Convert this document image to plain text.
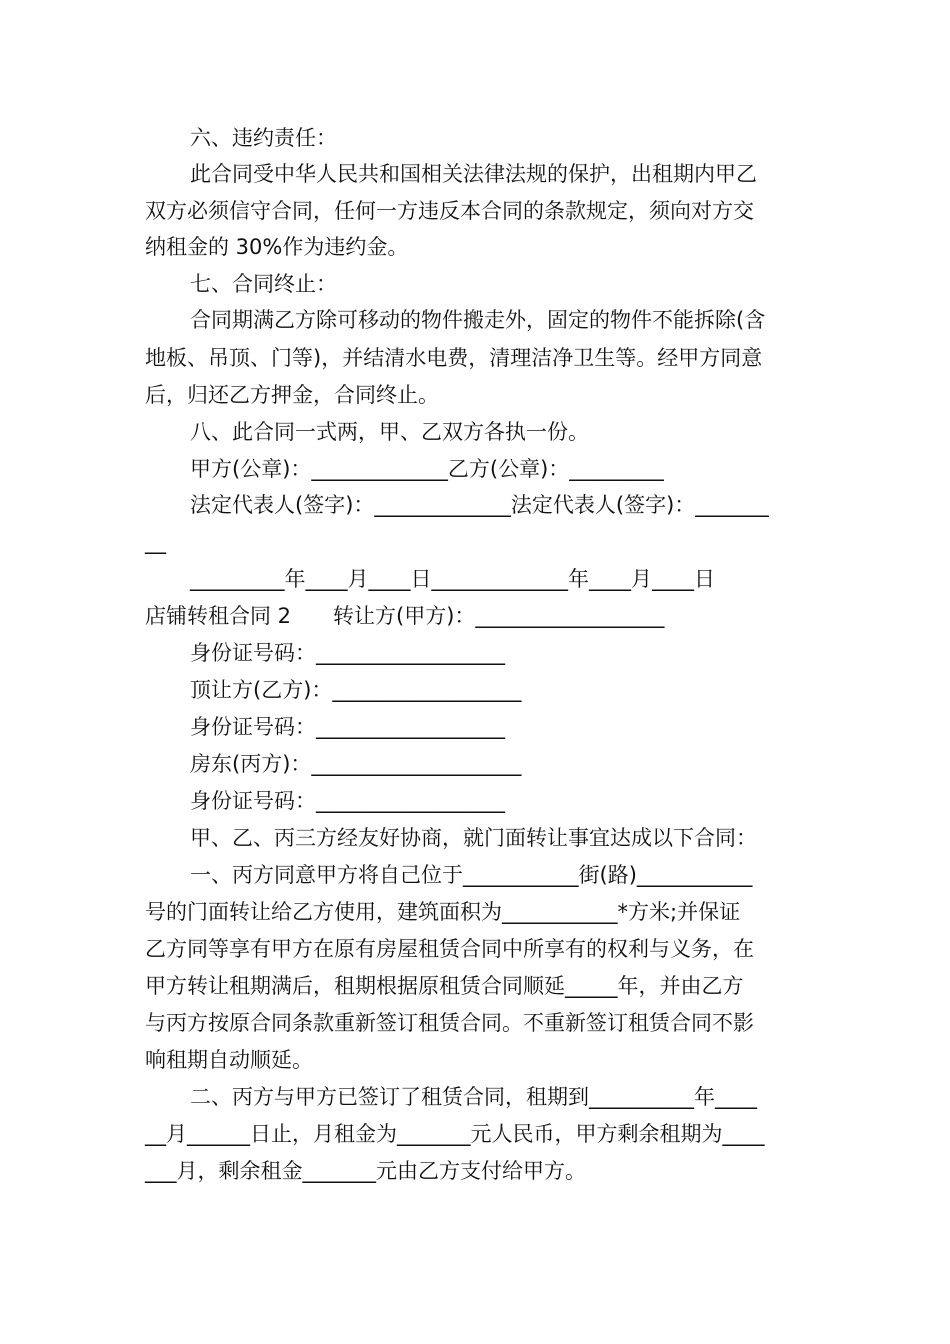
六、违约责任：
此合同受中华人民共和国相关法律法规的保护，出租期内甲乙
双方必须信守合同，任何一方违反本合同的条款规定，须向对方交
纳租金的 30%作为违约金。
七、合同终止：
合同期满乙方除可移动的物件搬走外，固定的物件不能拆除(含
地板、吊顶、门等)，并结清水电费，清理洁净卫生等。经甲方同意
后，归还乙方押金，合同终止。
八、此合同一式两，甲、乙双方各执一份。
甲方(公章)：_____________乙方(公章)：_________
法定代表人(签字)：_____________法定代表人(签字)：_______
__
_________年____月____日_____________年____月____日
店铺转租合同 2　　转让方(甲方)：__________________
身份证号码：__________________
顶让方(乙方)：__________________
身份证号码：__________________
房东(丙方)：____________________
身份证号码：__________________
甲、乙、丙三方经友好协商，就门面转让事宜达成以下合同：
一、丙方同意甲方将自己位于___________街(路)___________
号的门面转让给乙方使用，建筑面积为___________*方米;并保证
乙方同等享有甲方在原有房屋租赁合同中所享有的权利与义务，在
甲方转让租期满后，租期根据原租赁合同顺延_____年，并由乙方
与丙方按原合同条款重新签订租赁合同。不重新签订租赁合同不影
响租期自动顺延。
二、丙方与甲方已签订了租赁合同，租期到__________年____
__月______日止，月租金为_______元人民币，甲方剩余租期为____
___月，剩余租金_______元由乙方支付给甲方。
